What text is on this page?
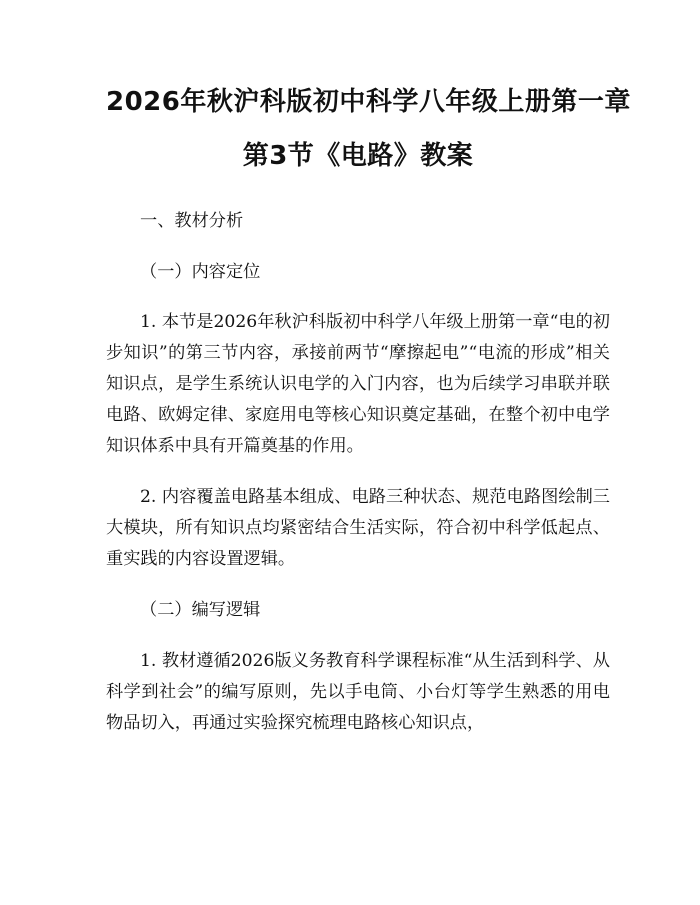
2026年秋沪科版初中科学八年级上册第一章
第3节《电路》教案
一、教材分析
（一）内容定位

1. 本节是2026年秋沪科版初中科学八年级上册第一章“电的初步知识”的第三节内容，承接前两节“摩擦起电”“电流的形成”相关知识点，是学生系统认识电学的入门内容，也为后续学习串联并联电路、欧姆定律、家庭用电等核心知识奠定基础，在整个初中电学知识体系中具有开篇奠基的作用。

2. 内容覆盖电路基本组成、电路三种状态、规范电路图绘制三大模块，所有知识点均紧密结合生活实际，符合初中科学低起点、重实践的内容设置逻辑。

（二）编写逻辑

1. 教材遵循2026版义务教育科学课程标准“从生活到科学、从科学到社会”的编写原则，先以手电筒、小台灯等学生熟悉的用电物品切入，再通过实验探究梳理电路核心知识点，
